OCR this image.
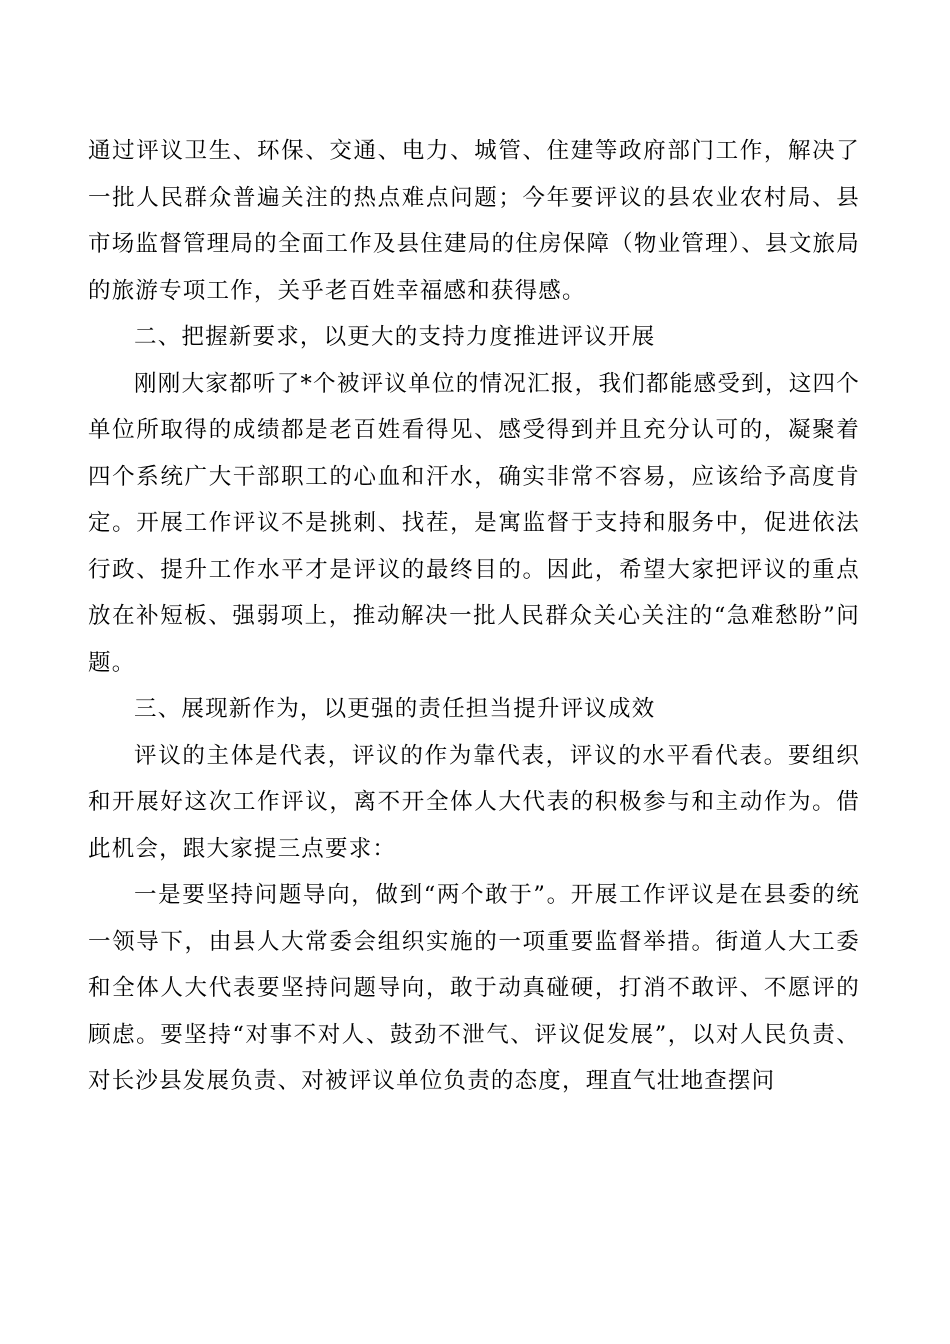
通过评议卫生、环保、交通、电力、城管、住建等政府部门工作，解决了一批人民群众普遍关注的热点难点问题；今年要评议的县农业农村局、县市场监督管理局的全面工作及县住建局的住房保障（物业管理）、县文旅局的旅游专项工作，关乎老百姓幸福感和获得感。

二、把握新要求，以更大的支持力度推进评议开展

刚刚大家都听了*个被评议单位的情况汇报，我们都能感受到，这四个单位所取得的成绩都是老百姓看得见、感受得到并且充分认可的，凝聚着四个系统广大干部职工的心血和汗水，确实非常不容易，应该给予高度肯定。开展工作评议不是挑刺、找茬，是寓监督于支持和服务中，促进依法行政、提升工作水平才是评议的最终目的。因此，希望大家把评议的重点放在补短板、强弱项上，推动解决一批人民群众关心关注的“急难愁盼”问题。

三、展现新作为，以更强的责任担当提升评议成效

评议的主体是代表，评议的作为靠代表，评议的水平看代表。要组织和开展好这次工作评议，离不开全体人大代表的积极参与和主动作为。借此机会，跟大家提三点要求：

一是要坚持问题导向，做到“两个敢于”。开展工作评议是在县委的统一领导下，由县人大常委会组织实施的一项重要监督举措。街道人大工委和全体人大代表要坚持问题导向，敢于动真碰硬，打消不敢评、不愿评的顾虑。要坚持“对事不对人、鼓劲不泄气、评议促发展”，以对人民负责、对长沙县发展负责、对被评议单位负责的态度，理直气壮地查摆问
